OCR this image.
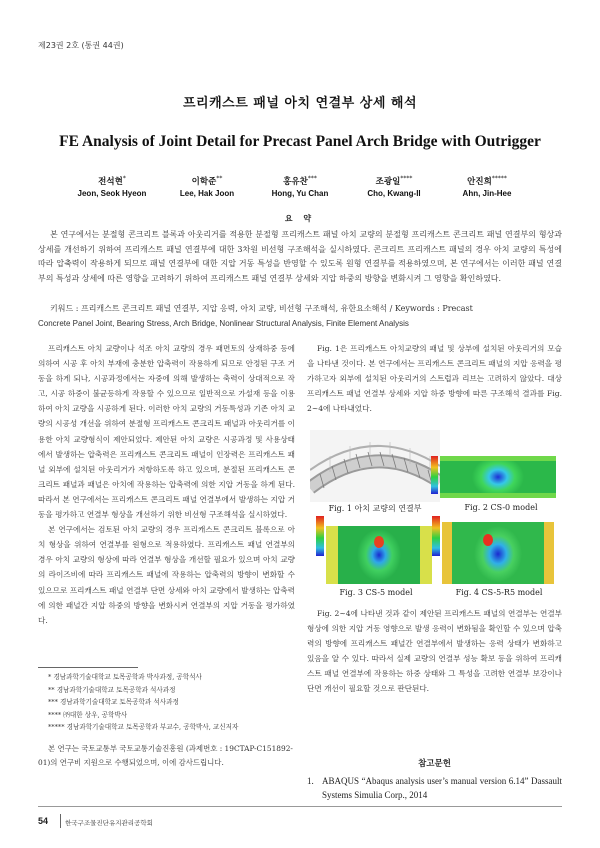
제23권 2호 (통권 44권)
프리캐스트 패널 아치 연결부 상세 해석
FE Analysis of Joint Detail for Precast Panel Arch Bridge with Outrigger
전석현*
Jeon, Seok Hyeon
이학준**
Lee, Hak Joon
홍유찬***
Hong, Yu Chan
조광일****
Cho, Kwang-Il
안진희*****
Ahn, Jin-Hee
요 약

본 연구에서는 분절형 콘크리트 블록과 아웃리거를 적용한 분절형 프리캐스트 패널 아치 교량의 분절형 프리캐스트 콘크리트 패널 연결부의 형상과 상세를 개선하기 위하여 프리캐스트 패널 연결부에 대한 3차원 비선형 구조해석을 실시하였다. 콘크리트 프리캐스트 패널의 경우 아치 교량의 특성에 따라 압축력이 작용하게 되므로 패널 연결부에 대한 지압 거동 특성을 반영할 수 있도록 원형 연결부를 적용하였으며, 본 연구에서는 이러한 패널 연결부의 특성과 상세에 따른 영향을 고려하기 위하여 프리캐스트 패널 연결부 상세와 지압 하중의 방향을 변화시켜 그 영향을 확인하였다.

키워드 : 프리캐스트 콘크리트 패널 연결부, 지압 응력, 아치 교량, 비선형 구조해석, 유한요소해석 / Keywords : Precast
Concrete Panel Joint, Bearing Stress, Arch Bridge, Nonlinear Structural Analysis, Finite Element Analysis

프리캐스트 아치 교량이나 석조 아치 교량의 경우 패면토의 상재하중 등에 의하여 시공 후 아치 부재에 충분한 압축력이 작용하게 되므로 안정된 구조 거동을 하게 되나, 시공과정에서는 자중에 의해 발생하는 축력이 상대적으로 작고, 시공 하중이 불균등하게 작용할 수 있으므로 일반적으로 가설재 등을 이용하여 아치 교량을 시공하게 된다. 이러한 아치 교량의 거동특성과 기존 아치 교량의 시공성 개선을 위하여 분절형 프리캐스트 콘크리트 패널과 아웃리거를 이용한 아치 교량형식이 제안되었다. 제안된 아치 교량은 시공과정 및 사용상태에서 발생하는 압축력은 프리캐스트 콘크리트 패널이 인장력은 프리캐스트 패널 외부에 설치된 아웃리거가 저항하도록 하고 있으며, 분절된 프리캐스트 콘크리트 패널과 패널은 아치에 작용하는 압축력에 의한 지압 거동을 하게 된다. 따라서 본 연구에서는 프리캐스트 콘크리트 패널 연결부에서 발생하는 지압 거동을 평가하고 연결부 형상을 개선하기 위한 비선형 구조해석을 실시하였다.

본 연구에서는 검토된 아치 교량의 경우 프리캐스트 콘크리트 블록으로 아치 형상을 위하여 연결부를 원형으로 적용하였다. 프리캐스트 패널 연결부의 경우 아치 교량의 형상에 따라 연결부 형상을 개선할 필요가 있으며 아치 교량의 라이즈비에 따라 프리캐스트 패널에 작용하는 압축력의 방향이 변화할 수 있으므로 프리캐스트 패널 연결부 단면 상세와 아치 교량에서 발생하는 압축력에 의한 패널간 지압 하중의 방향을 변화시켜 연결부의 지압 거동을 평가하였다.

* 경남과학기술대학교 토목공학과 박사과정, 공학석사
** 경남과학기술대학교 토목공학과 석사과정
*** 경남과학기술대학교 토목공학과 석사과정
**** ㈜대한 상우, 공학박사
***** 경남과학기술대학교 토목공학과 부교수, 공학박사, 교신저자

본 연구는 국토교통부 국토교통기술진흥원 (과제번호 : 19CTAP-C151892-01)의 연구비 지원으로 수행되었으며, 이에 감사드립니다.

Fig. 1은 프리캐스트 아치교량의 패널 및 상부에 설치된 아웃리거의 모습을 나타낸 것이다. 본 연구에서는 프리캐스트 콘크리트 패널의 지압 응력을 평가하고자 외부에 설치된 아웃리거의 스트럽과 리브는 고려하지 않았다. 대상 프리캐스트 패널 연결부 상세와 지압 하중 방향에 따른 구조해석 결과를 Fig. 2~4에 나타내었다.

Fig. 1 아치 교량의 연결부	Fig. 2 CS-0 model
Fig. 3 CS-5 model	Fig. 4 CS-5-R5 model

Fig. 2~4에 나타낸 것과 같이 제안된 프리캐스트 패널의 연결부는 연결부 형상에 의한 지압 거동 영향으로 발생 응력이 변화됨을 확인할 수 있으며 압축력의 방향에 프리캐스트 패널간 연결부에서 발생하는 응력 상태가 변화하고 있음을 알 수 있다. 따라서 실제 교량의 연결부 성능 확보 등을 위하여 프리캐스트 패널 연결부에 작용하는 하중 상태와 그 특성을 고려한 연결부 보강이나 단면 개선이 필요할 것으로 판단된다.

참고문헌
1. ABAQUS “Abaqus analysis user’s manual version 6.14” Dassault Systems Simulia Corp., 2014
54	한국구조물진단유지관리공학회
